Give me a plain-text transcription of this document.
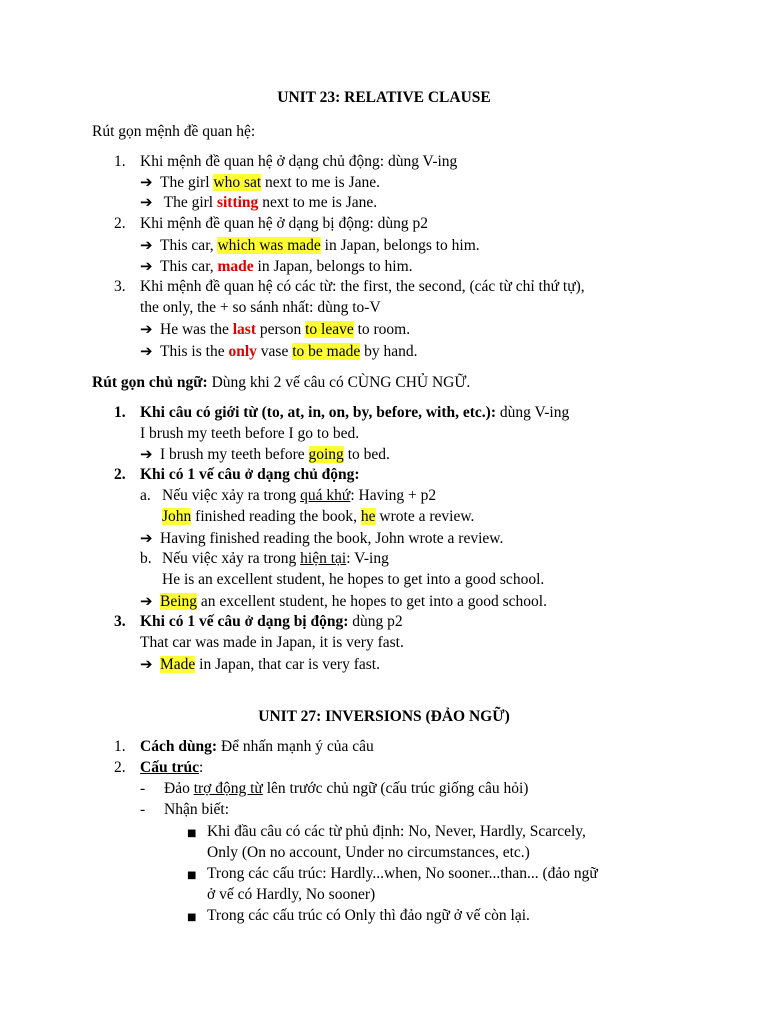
UNIT 23: RELATIVE CLAUSE
Rút gọn mệnh đề quan hệ:
1. Khi mệnh đề quan hệ ở dạng chủ động: dùng V-ing
➔ The girl who sat next to me is Jane.
➔ The girl sitting next to me is Jane.
2. Khi mệnh đề quan hệ ở dạng bị động: dùng p2
➔ This car, which was made in Japan, belongs to him.
➔ This car, made in Japan, belongs to him.
3. Khi mệnh đề quan hệ có các từ: the first, the second, (các từ chỉ thứ tự),
the only, the + so sánh nhất: dùng to-V
➔ He was the last person to leave to room.
➔ This is the only vase to be made by hand.
Rút gọn chủ ngữ: Dùng khi 2 vế câu có CÙNG CHỦ NGỮ.
1. Khi câu có giới từ (to, at, in, on, by, before, with, etc.): dùng V-ing
I brush my teeth before I go to bed.
➔ I brush my teeth before going to bed.
2. Khi có 1 vế câu ở dạng chủ động:
a. Nếu việc xảy ra trong quá khứ: Having + p2
John finished reading the book, he wrote a review.
➔ Having finished reading the book, John wrote a review.
b. Nếu việc xảy ra trong hiện tại: V-ing
He is an excellent student, he hopes to get into a good school.
➔ Being an excellent student, he hopes to get into a good school.
3. Khi có 1 vế câu ở dạng bị động: dùng p2
That car was made in Japan, it is very fast.
➔ Made in Japan, that car is very fast.
UNIT 27: INVERSIONS (ĐẢO NGỮ)
1. Cách dùng: Để nhấn mạnh ý của câu
2. Cấu trúc:
- Đảo trợ động từ lên trước chủ ngữ (cấu trúc giống câu hỏi)
- Nhận biết:
■ Khi đầu câu có các từ phủ định: No, Never, Hardly, Scarcely,
Only (On no account, Under no circumstances, etc.)
■ Trong các cấu trúc: Hardly...when, No sooner...than... (đảo ngữ
ở vế có Hardly, No sooner)
■ Trong các cấu trúc có Only thì đảo ngữ ở vế còn lại.
